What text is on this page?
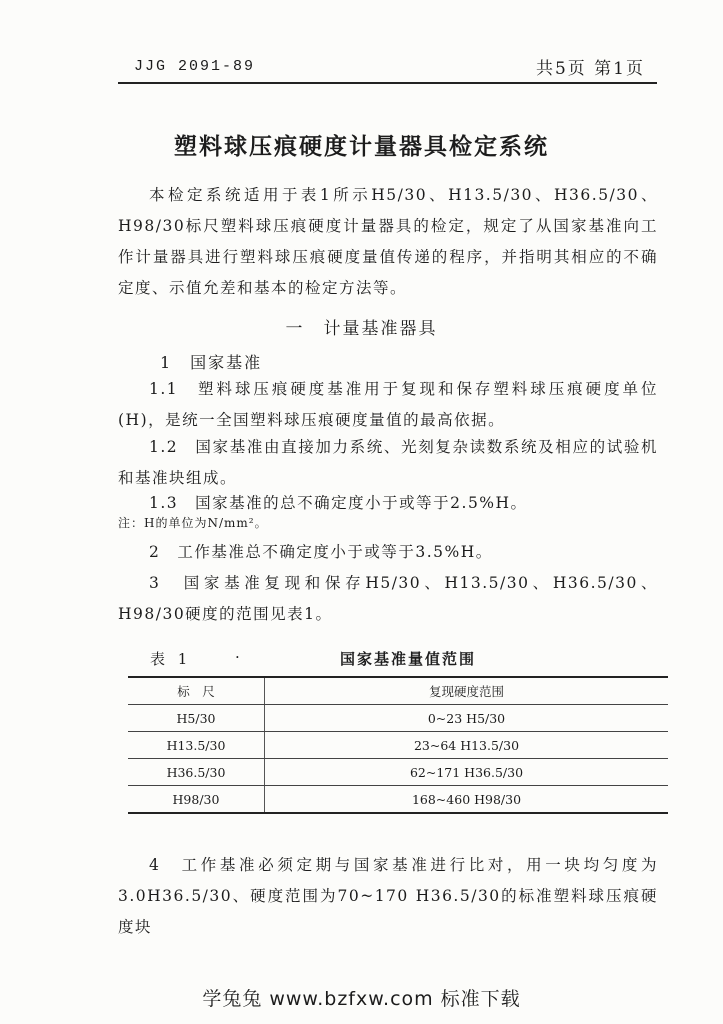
JJG 2091-89	共5页 第1页
塑料球压痕硬度计量器具检定系统
本检定系统适用于表1所示H5/30、H13.5/30、H36.5/30、H98/30标尺塑料球压痕硬度计量器具的检定，规定了从国家基准向工作计量器具进行塑料球压痕硬度量值传递的程序，并指明其相应的不确定度、示值允差和基本的检定方法等。
一　计量基准器具
1　国家基准
1.1　塑料球压痕硬度基准用于复现和保存塑料球压痕硬度单位(H)，是统一全国塑料球压痕硬度量值的最高依据。
1.2　国家基准由直接加力系统、光刻复杂读数系统及相应的试验机和基准块组成。
1.3　国家基准的总不确定度小于或等于2.5%H。
注：H的单位为N/mm²。
2　工作基准总不确定度小于或等于3.5%H。
3　国家基准复现和保存H5/30、H13.5/30、H36.5/30、H98/30硬度的范围见表1。
表 1	·	国家基准量值范围
标　尺	复现硬度范围
H5/30	0~23 H5/30
H13.5/30	23~64 H13.5/30
H36.5/30	62~171 H36.5/30
H98/30	168~460 H98/30
4　工作基准必须定期与国家基准进行比对，用一块均匀度为3.0H36.5/30、硬度范围为70~170 H36.5/30的标准塑料球压痕硬度块
学兔兔 www.bzfxw.com 标准下载
